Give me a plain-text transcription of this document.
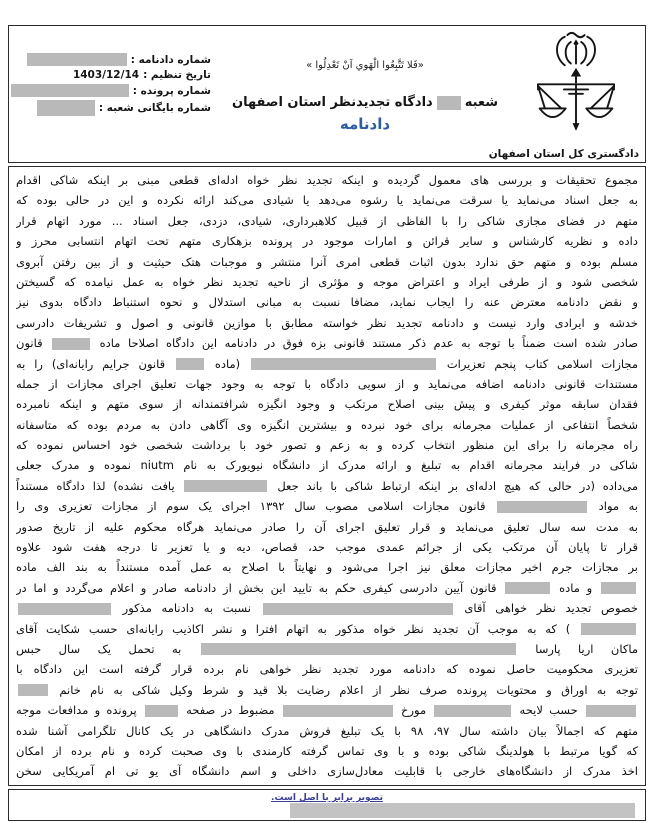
شماره دادنامه :
تاریخ تنظیم :
1403/12/14
شماره پرونده :
شماره بایگانی شعبه :
«فَلا تَتَّبِعُوا الْهَوي اَنْ تَعْدِلُوا »
شعبهدادگاه تجدیدنظر استان اصفهان
دادنامه
دادگستری کل استان اصفهان
مجموع تحقیقات و بررسی های معمول گردیده و اینکه تجدید نظر خواه ادله‌ای قطعی مبنی بر اینکه شاکی اقدام
به جعل اسناد می‌نماید یا سرقت می‌نماید یا رشوه می‌دهد یا شیادی می‌کند ارائه نکرده و این در حالی بوده که
متهم در فضای مجازی شاکی را با الفاظی از قبیل کلاهبرداری، شیادی، دزدی، جعل اسناد ... مورد اتهام قرار
داده و نظریه کارشناس و سایر قرائن و امارات موجود در پرونده بزهکاری متهم تحت اتهام انتسابی محرز و
مسلم بوده و متهم حق ندارد بدون اثبات قطعی امری آنرا منتشر و موجبات هتک حیثیت و از بین رفتن آبروی
شخصی شود و از طرفی ایراد و اعتراض موجه و مؤثری از ناحیه تجدید نظر خواه به عمل نیامده که گسیختن
و نقض دادنامه معترض عنه را ایجاب نماید، مضافا نسبت به مبانی استدلال و نحوه استنباط دادگاه بدوی نیز
خدشه و ایرادی وارد نیست و دادنامه تجدید نظر خواسته مطابق با موازین قانونی و اصول و تشریفات دادرسی
صادر شده است ضمناً با توجه به عدم ذکر مستند قانونی بزه فوق در دادنامه این دادگاه اصلاحا ماده  قانون
مجازات اسلامی کتاب پنجم تعزیرات  (ماده  قانون جرایم رایانه‌ای) را به
مستندات قانونی دادنامه اضافه می‌نماید و از سویی دادگاه با توجه به وجود جهات تعلیق اجرای مجازات از جمله
فقدان سابقه موثر کیفری و پیش بینی اصلاح مرتکب و وجود انگیزه شرافتمندانه از سوی متهم و اینکه نامبرده
شخصاً انتفاعی از عملیات مجرمانه برای خود نبرده و بیشترین انگیزه وی آگاهی دادن به مردم بوده که متاسفانه
راه مجرمانه را برای این منظور انتخاب کرده و به زعم و تصور خود با برداشت شخصی خود احساس نموده که
شاکی در فرایند مجرمانه اقدام به تبلیغ و ارائه مدرک از دانشگاه نیویورک به نام niutm نموده و مدرک جعلی
می‌داده (در حالی که هیچ ادله‌ای بر اینکه ارتباط شاکی با باند جعل  یافت نشده) لذا دادگاه مستنداً
به مواد  قانون مجازات اسلامی مصوب سال ۱۳۹۲ اجرای یک سوم از مجازات تعزیری وی را
به مدت سه سال تعلیق می‌نماید و قرار تعلیق اجرای آن را صادر می‌نماید هرگاه محکوم علیه از تاریخ صدور
قرار تا پایان آن مرتکب یکی از جرائم عمدی موجب حد، قصاص، دیه و یا تعزیر تا درجه هفت شود علاوه
بر مجازات جرم اخیر مجازات معلق نیز اجرا می‌شود و نهایتاً با اصلاح به عمل آمده مستنداً به بند الف ماده
و ماده  قانون آیین دادرسی کیفری حکم به تایید این بخش از دادنامه صادر و اعلام می‌گردد و اما در
خصوص تجدید نظر خواهی آقای  نسبت به دادنامه مذکور
) که به موجب آن تجدید نظر خواه مذکور به اتهام افترا و نشر اکاذیب رایانه‌ای حسب شکایت آقای
ماکان اریا پارسا  به تحمل یک سال حبس
تعزیری محکومیت حاصل نموده که دادنامه مورد تجدید نظر خواهی نام برده قرار گرفته است این دادگاه با
توجه به اوراق و محتویات پرونده صرف نظر از اعلام رضایت بلا قید و شرط وکیل شاکی به نام خانم
حسب لایحه  مورخ  مضبوط در صفحه  پرونده و مدافعات موجه
متهم که اجمالاً بیان داشته سال ۹۷، ۹۸ با یک تبلیغ فروش مدرک دانشگاهی در یک کانال تلگرامی آشنا شده
که گویا مرتبط با هولدینگ شاکی بوده و با وی تماس گرفته کارمندی با وی صحبت کرده و نام برده از امکان
اخذ مدرک از دانشگاه‌های خارجی با قابلیت معادل‌سازی داخلی و اسم دانشگاه آی یو تی ام آمریکایی سخن
تصویر برابر با اصل است.
